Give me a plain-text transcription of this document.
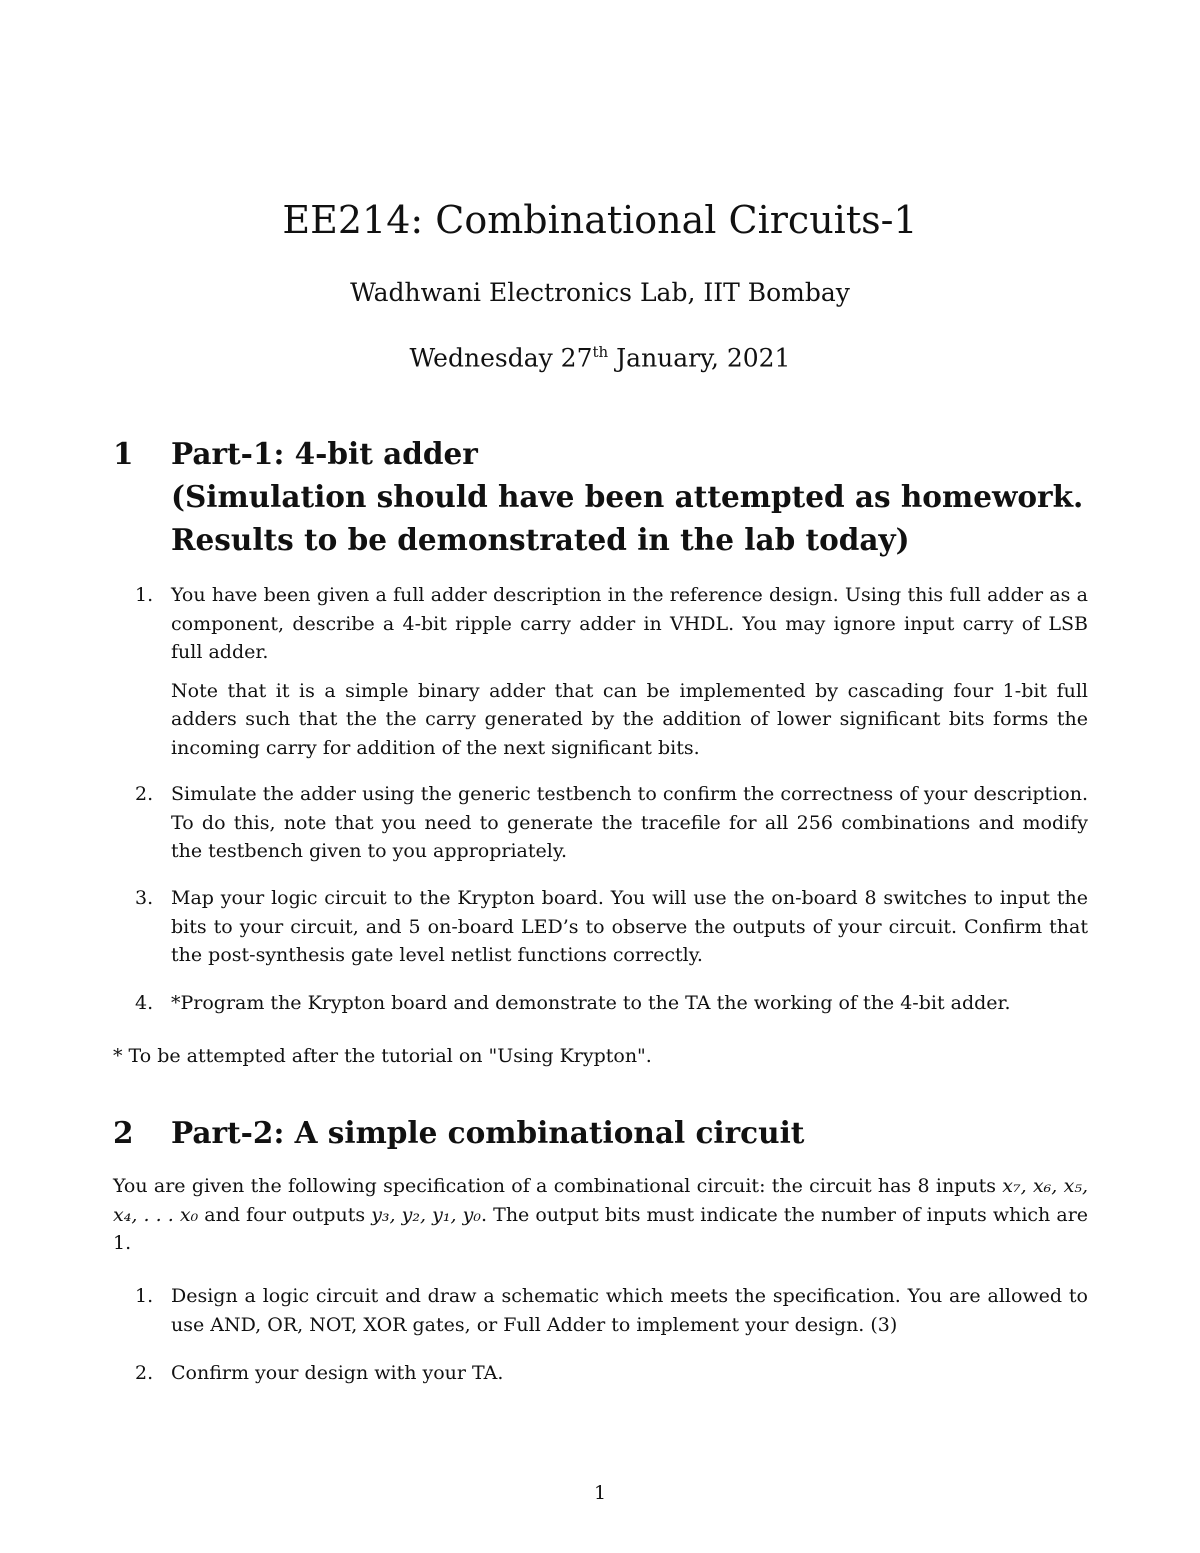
EE214: Combinational Circuits-1
Wadhwani Electronics Lab, IIT Bombay
Wednesday 27th January, 2021
1 Part-1: 4-bit adder
(Simulation should have been attempted as homework.
Results to be demonstrated in the lab today)
1. You have been given a full adder description in the reference design. Using this full adder as a component, describe a 4-bit ripple carry adder in VHDL. You may ignore input carry of LSB full adder.
Note that it is a simple binary adder that can be implemented by cascading four 1-bit full adders such that the the carry generated by the addition of lower significant bits forms the incoming carry for addition of the next significant bits.
2. Simulate the adder using the generic testbench to confirm the correctness of your description. To do this, note that you need to generate the tracefile for all 256 combinations and modify the testbench given to you appropriately.
3. Map your logic circuit to the Krypton board. You will use the on-board 8 switches to input the bits to your circuit, and 5 on-board LED’s to observe the outputs of your circuit. Confirm that the post-synthesis gate level netlist functions correctly.
4. *Program the Krypton board and demonstrate to the TA the working of the 4-bit adder.
* To be attempted after the tutorial on "Using Krypton".
2 Part-2: A simple combinational circuit
You are given the following specification of a combinational circuit: the circuit has 8 inputs x₇, x₆, x₅, x₄, . . . x₀ and four outputs y₃, y₂, y₁, y₀. The output bits must indicate the number of inputs which are 1.
1. Design a logic circuit and draw a schematic which meets the specification. You are allowed to use AND, OR, NOT, XOR gates, or Full Adder to implement your design. (3)
2. Confirm your design with your TA.
1
